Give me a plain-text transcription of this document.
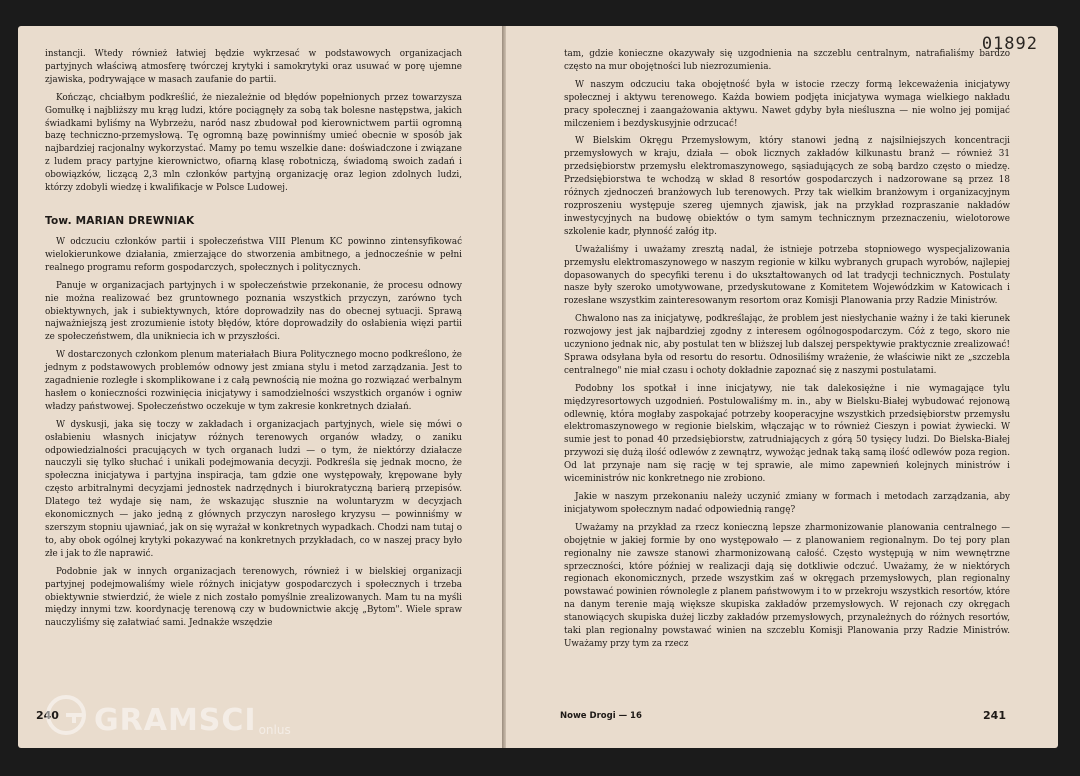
instancji. Wtedy również łatwiej będzie wykrzesać w podstawowych organizacjach partyjnych właściwą atmosferę twórczej krytyki i samokrytyki oraz usuwać w porę ujemne zjawiska, podrywające w masach zaufanie do partii.

Kończąc, chciałbym podkreślić, że niezależnie od błędów popełnionych przez towarzysza Gomułkę i najbliższy mu krąg ludzi, które pociągnęły za sobą tak bolesne następstwa, jakich świadkami byliśmy na Wybrzeżu, naród nasz zbudował pod kierownictwem partii ogromną bazę techniczno-przemysłową. Tę ogromną bazę powinniśmy umieć obecnie w sposób jak najbardziej racjonalny wykorzystać. Mamy po temu wszelkie dane: doświadczone i związane z ludem pracy partyjne kierownictwo, ofiarną klasę robotniczą, świadomą swoich zadań i obowiązków, liczącą 2,3 mln członków partyjną organizację oraz legion zdolnych ludzi, którzy zdobyli wiedzę i kwalifikacje w Polsce Ludowej.

Tow. MARIAN DREWNIAK

W odczuciu członków partii i społeczeństwa VIII Plenum KC powinno zintensyfikować wielokierunkowe działania, zmierzające do stworzenia ambitnego, a jednocześnie w pełni realnego programu reform gospodarczych, społecznych i politycznych.

Panuje w organizacjach partyjnych i w społeczeństwie przekonanie, że procesu odnowy nie można realizować bez gruntownego poznania wszystkich przyczyn, zarówno tych obiektywnych, jak i subiektywnych, które doprowadziły nas do obecnej sytuacji. Sprawą najważniejszą jest zrozumienie istoty błędów, które doprowadziły do osłabienia więzi partii ze społeczeństwem, dla unikniecia ich w przyszłości.

W dostarczonych członkom plenum materiałach Biura Politycznego mocno podkreślono, że jednym z podstawowych problemów odnowy jest zmiana stylu i metod zarządzania. Jest to zagadnienie rozległe i skomplikowane i z całą pewnością nie można go rozwiązać werbalnym hasłem o konieczności rozwinięcia inicjatywy i samodzielności wszystkich organów i ogniw władzy państwowej. Społeczeństwo oczekuje w tym zakresie konkretnych działań.

W dyskusji, jaka się toczy w zakładach i organizacjach partyjnych, wiele się mówi o osłabieniu własnych inicjatyw różnych terenowych organów władzy, o zaniku odpowiedzialności pracujących w tych organach ludzi — o tym, że niektórzy działacze nauczyli się tylko słuchać i unikali podejmowania decyzji. Podkreśla się jednak mocno, że społeczna inicjatywa i partyjna inspiracja, tam gdzie one występowały, krępowane były często arbitralnymi decyzjami jednostek nadrzędnych i biurokratyczną barierą przepisów. Dlatego też wydaje się nam, że wskazując słusznie na woluntaryzm w decyzjach ekonomicznych — jako jedną z głównych przyczyn narosłego kryzysu — powinniśmy w szerszym stopniu ujawniać, jak on się wyrażał w konkretnych wypadkach. Chodzi nam tutaj o to, aby obok ogólnej krytyki pokazywać na konkretnych przykładach, co w naszej pracy było złe i jak to źle naprawić.

Podobnie jak w innych organizacjach terenowych, również i w bielskiej organizacji partyjnej podejmowaliśmy wiele różnych inicjatyw gospodarczych i społecznych i trzeba obiektywnie stwierdzić, że wiele z nich zostało pomyślnie zrealizowanych. Mam tu na myśli między innymi tzw. koordynację terenową czy w budownictwie akcję „Bytom". Wiele spraw nauczyliśmy się załatwiać sami. Jednakże wszędzie

240
01892

tam, gdzie konieczne okazywały się uzgodnienia na szczeblu centralnym, natrafialiśmy bardzo często na mur obojętności lub niezrozumienia.

W naszym odczuciu taka obojętność była w istocie rzeczy formą lekceważenia inicjatywy społecznej i aktywu terenowego. Każda bowiem podjęta inicjatywa wymaga wielkiego nakładu pracy społecznej i zaangażowania aktywu. Nawet gdyby była nieśluszna — nie wolno jej pomijać milczeniem i bezdyskusyjnie odrzucać!

W Bielskim Okręgu Przemysłowym, który stanowi jedną z najsilniejszych koncentracji przemysłowych w kraju, działa — obok licznych zakładów kilkunastu branż — również 31 przedsiębiorstw przemysłu elektromaszynowego, sąsiadujących ze sobą bardzo często o miedzę. Przedsiębiorstwa te wchodzą w skład 8 resortów gospodarczych i nadzorowane są przez 18 różnych zjednoczeń branżowych lub terenowych. Przy tak wielkim branżowym i organizacyjnym rozproszeniu występuje szereg ujemnych zjawisk, jak na przykład rozpraszanie nakładów inwestycyjnych na budowę obiektów o tym samym technicznym przeznaczeniu, wielotorowe szkolenie kadr, płynność załóg itp.

Uważaliśmy i uważamy zresztą nadal, że istnieje potrzeba stopniowego wyspecjalizowania przemysłu elektromaszynowego w naszym regionie w kilku wybranych grupach wyrobów, najlepiej dopasowanych do specyfiki terenu i do ukształtowanych od lat tradycji technicznych. Postulaty nasze były szeroko umotywowane, przedyskutowane z Komitetem Wojewódzkim w Katowicach i rozesłane wszystkim zainteresowanym resortom oraz Komisji Planowania przy Radzie Ministrów.

Chwalono nas za inicjatywę, podkreślając, że problem jest niesłychanie ważny i że taki kierunek rozwojowy jest jak najbardziej zgodny z interesem ogólnogospodarczym. Cóż z tego, skoro nie uczyniono jednak nic, aby postulat ten w bliższej lub dalszej perspektywie praktycznie zrealizować! Sprawa odsyłana była od resortu do resortu. Odnosiliśmy wrażenie, że właściwie nikt ze „szczebla centralnego" nie miał czasu i ochoty dokładnie zapoznać się z naszymi postulatami.

Podobny los spotkał i inne inicjatywy, nie tak dalekosiężne i nie wymagające tylu międzyresortowych uzgodnień. Postulowaliśmy m. in., aby w Bielsku-Białej wybudować rejonową odlewnię, która mogłaby zaspokajać potrzeby kooperacyjne wszystkich przedsiębiorstw przemysłu elektromaszynowego w regionie bielskim, włączając w to również Cieszyn i powiat żywiecki. W sumie jest to ponad 40 przedsiębiorstw, zatrudniających z górą 50 tysięcy ludzi. Do Bielska-Białej przywozi się dużą ilość odlewów z zewnątrz, wywożąc jednak taką samą ilość odlewów poza region. Od lat przynaje nam się rację w tej sprawie, ale mimo zapewnień kolejnych ministrów i wiceministrów nic konkretnego nie zrobiono.

Jakie w naszym przekonaniu należy uczynić zmiany w formach i metodach zarządzania, aby inicjatywom społecznym nadać odpowiednią rangę?

Uważamy na przykład za rzecz konieczną lepsze zharmonizowanie planowania centralnego — obojętnie w jakiej formie by ono występowało — z planowaniem regionalnym. Do tej pory plan regionalny nie zawsze stanowi zharmonizowaną całość. Często występują w nim wewnętrzne sprzeczności, które później w realizacji dają się dotkliwie odczuć. Uważamy, że w niektórych regionach ekonomicznych, przede wszystkim zaś w okręgach przemysłowych, plan regionalny powstawać powinien równolegle z planem państwowym i to w przekroju wszystkich resortów, które na danym terenie mają większe skupiska zakładów przemysłowych. W rejonach czy okręgach stanowiących skupiska dużej liczby zakładów przemysłowych, przynależnych do różnych resortów, taki plan regionalny powstawać winien na szczeblu Komisji Planowania przy Radzie Ministrów. Uważamy przy tym za rzecz

Nowe Drogi — 16	241
GRAMSCI onlus
